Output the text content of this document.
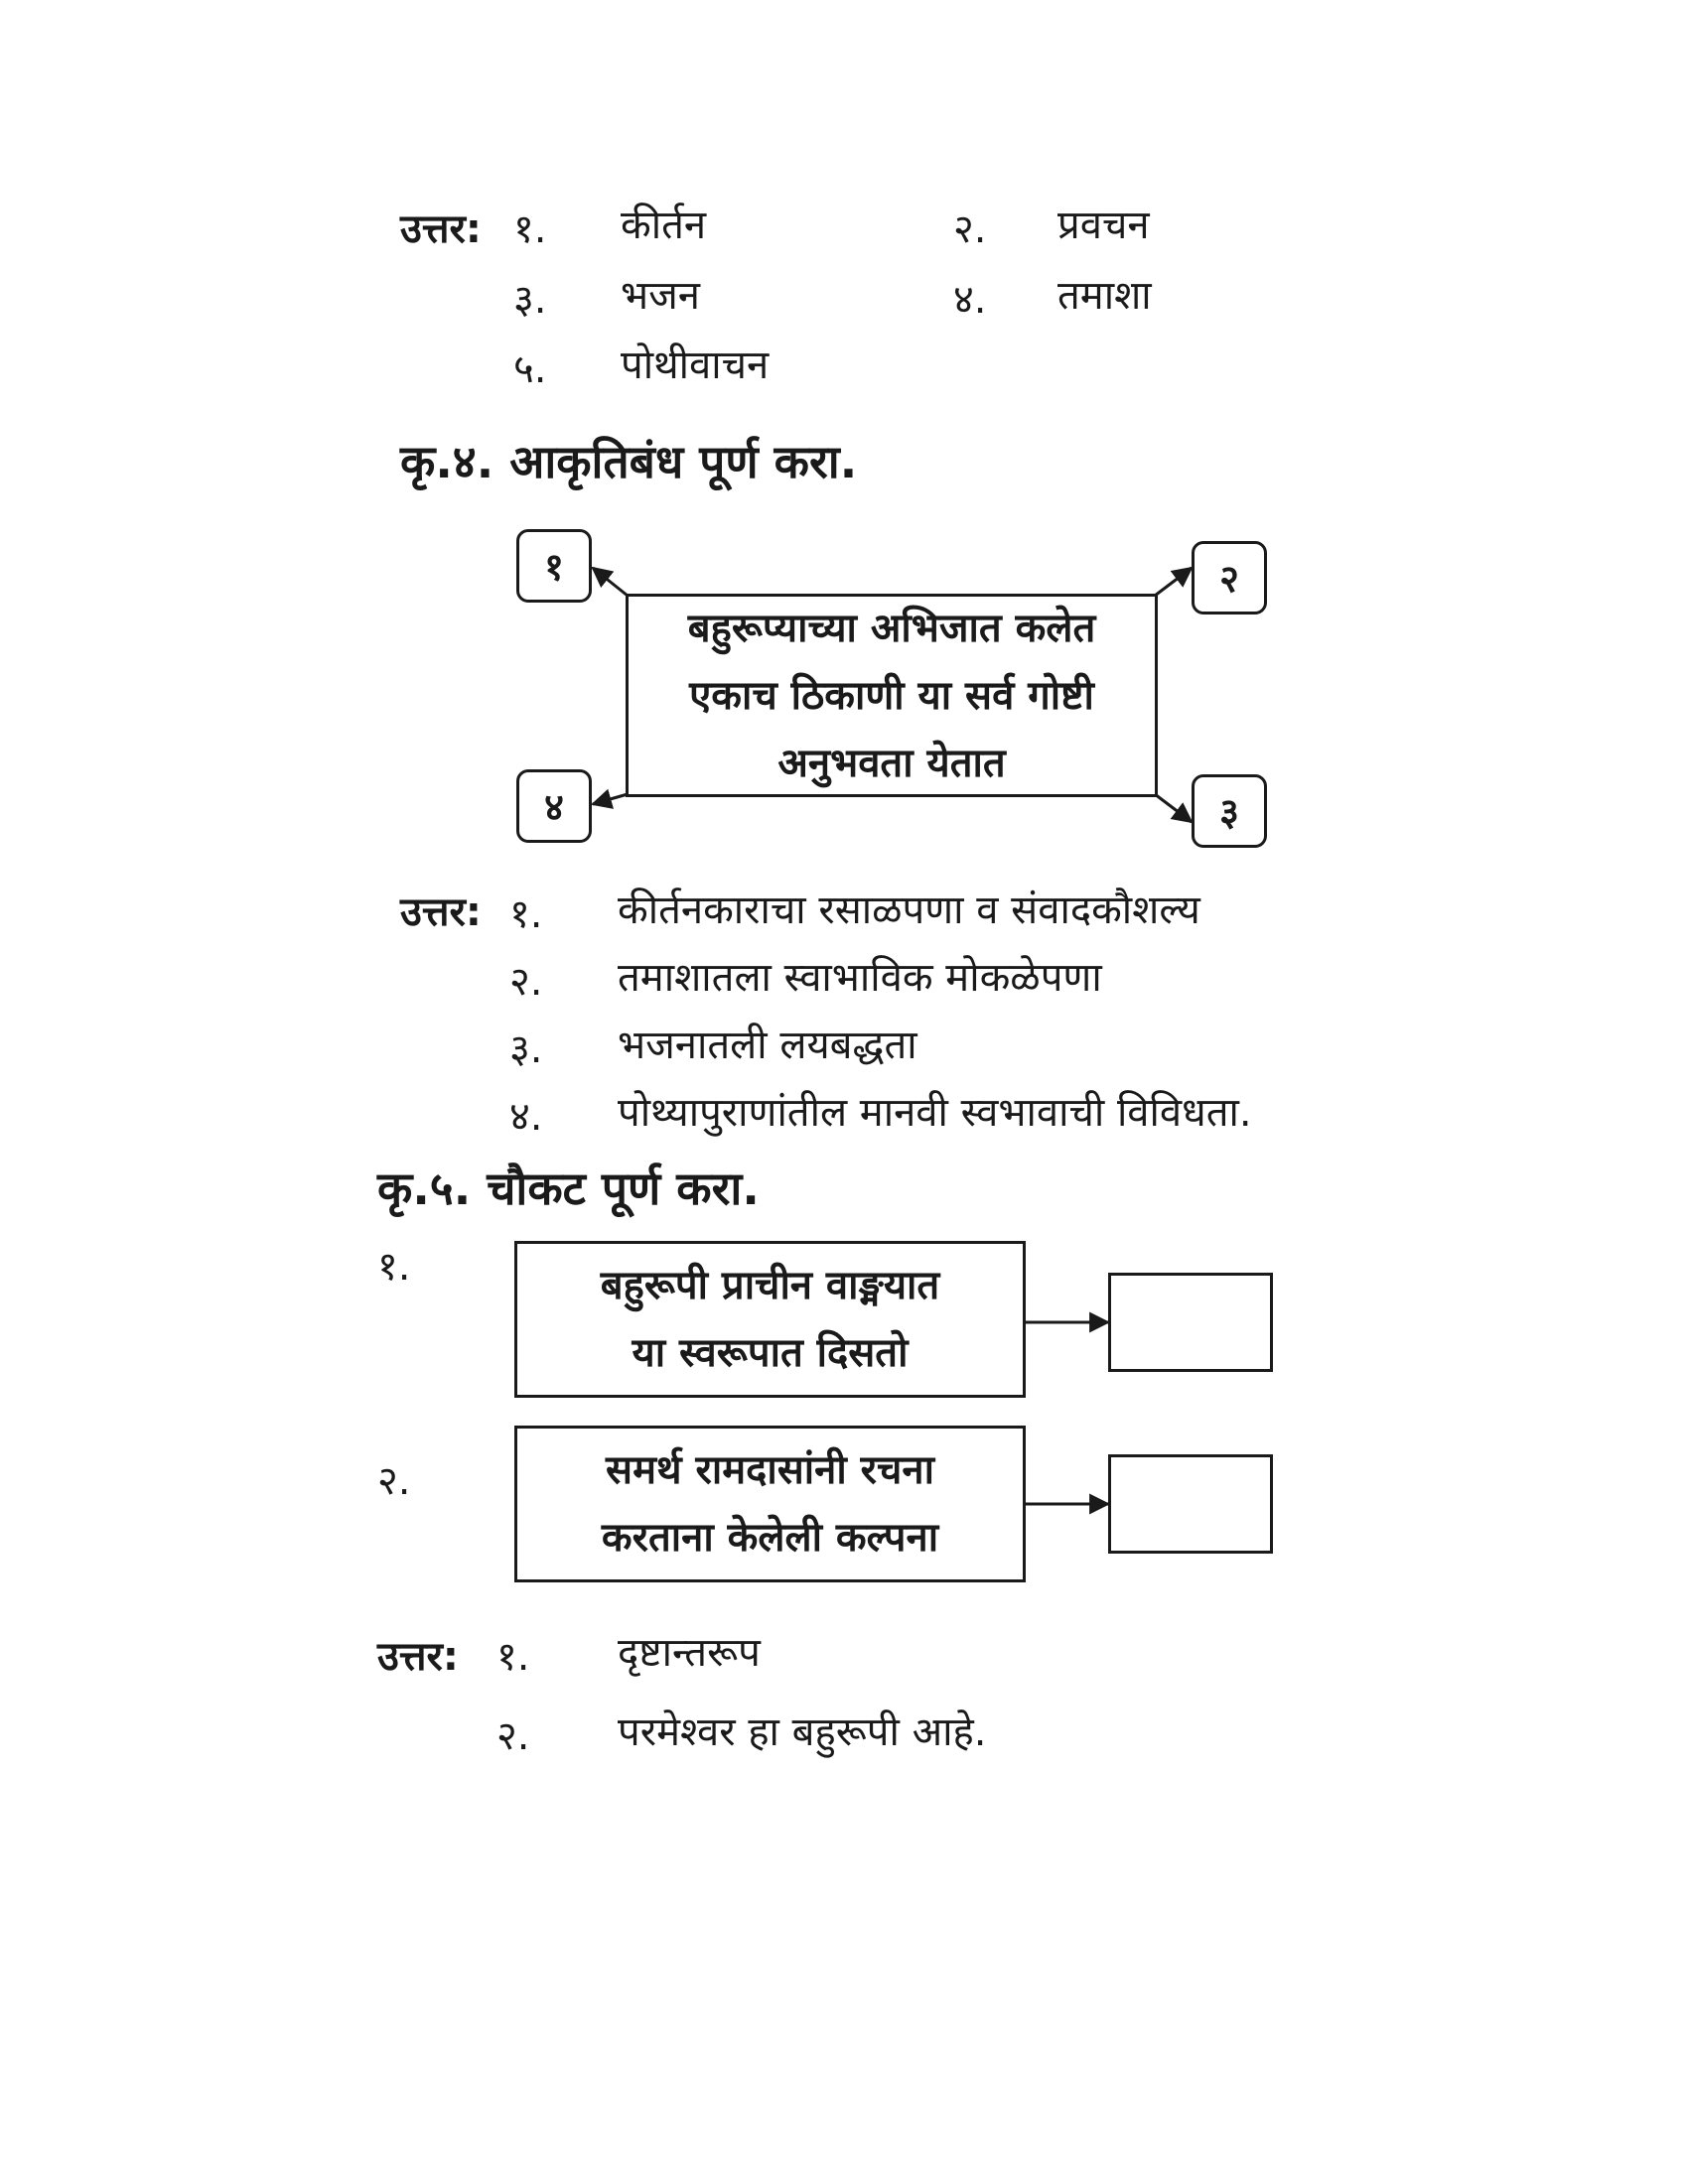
उत्तर: १. कीर्तन	२. प्रवचन
३. भजन	४. तमाशा
५. पोथीवाचन
कृ.४. आकृतिबंध पूर्ण करा.
बहुरूप्याच्या अभिजात कलेत
एकाच ठिकाणी या सर्व गोष्टी
अनुभवता येतात
१	२
३
४
उत्तर: १. कीर्तनकाराचा रसाळपणा व संवादकौशल्य
२. तमाशातला स्वाभाविक मोकळेपणा
३. भजनातली लयबद्धता
४. पोथ्यापुराणांतील मानवी स्वभावाची विविधता.
कृ.५. चौकट पूर्ण करा.
१.	बहुरूपी प्राचीन वाङ्मयात
या स्वरूपात दिसतो
२.	समर्थ रामदासांनी रचना
करताना केलेली कल्पना
उत्तर: १. दृष्टान्तरूप
२. परमेश्वर हा बहुरूपी आहे.
